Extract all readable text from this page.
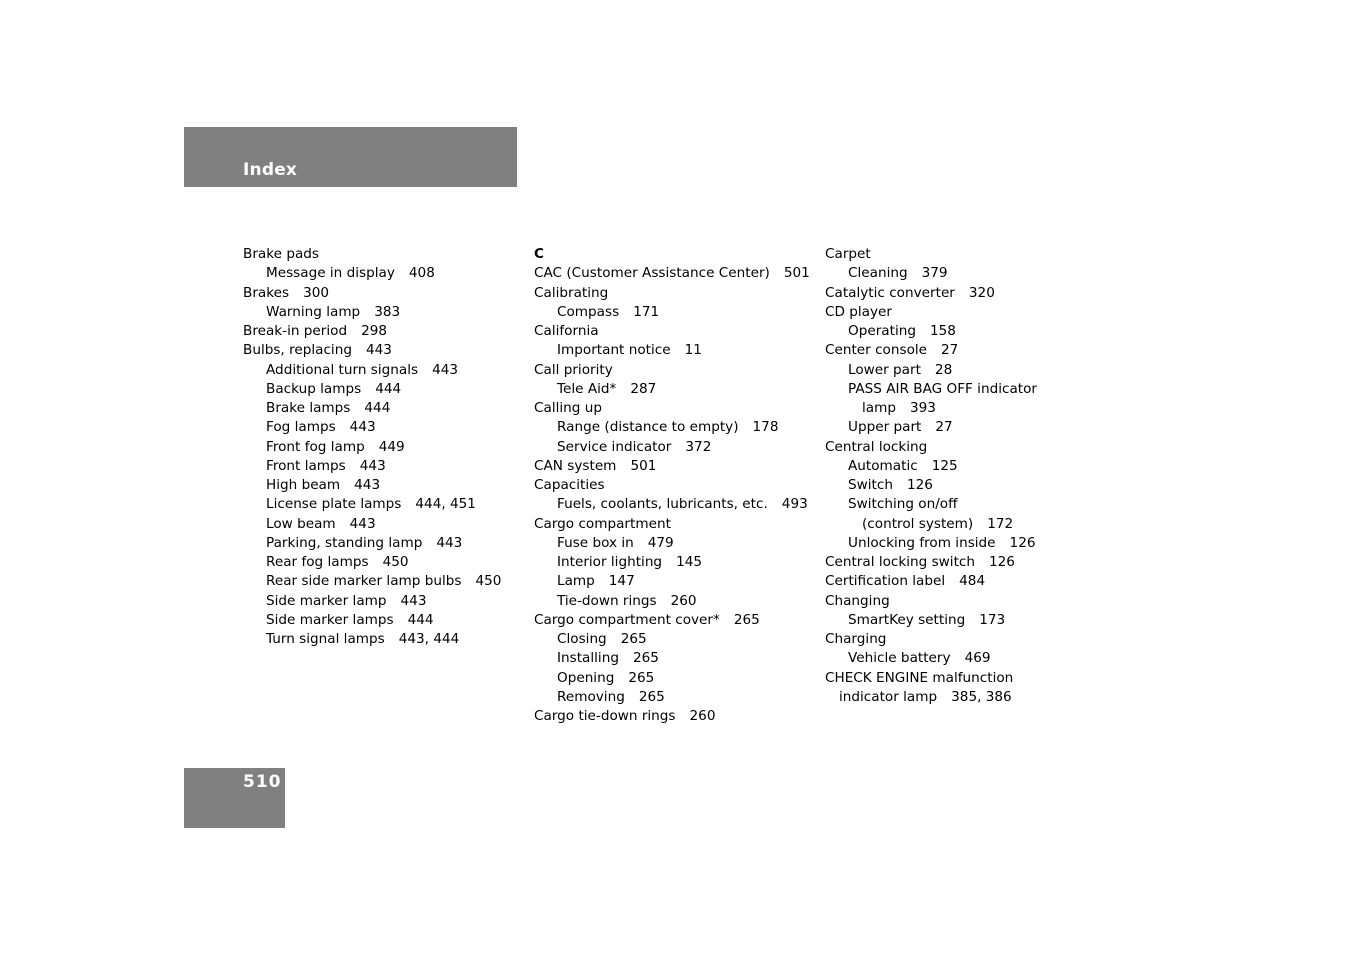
Index
Brake pads
Message in display 408
Brakes 300
Warning lamp 383
Break-in period 298
Bulbs, replacing 443
Additional turn signals 443
Backup lamps 444
Brake lamps 444
Fog lamps 443
Front fog lamp 449
Front lamps 443
High beam 443
License plate lamps 444, 451
Low beam 443
Parking, standing lamp 443
Rear fog lamps 450
Rear side marker lamp bulbs 450
Side marker lamp 443
Side marker lamps 444
Turn signal lamps 443, 444
C
CAC (Customer Assistance Center) 501
Calibrating
Compass 171
California
Important notice 11
Call priority
Tele Aid* 287
Calling up
Range (distance to empty) 178
Service indicator 372
CAN system 501
Capacities
Fuels, coolants, lubricants, etc. 493
Cargo compartment
Fuse box in 479
Interior lighting 145
Lamp 147
Tie-down rings 260
Cargo compartment cover* 265
Closing 265
Installing 265
Opening 265
Removing 265
Cargo tie-down rings 260
Carpet
Cleaning 379
Catalytic converter 320
CD player
Operating 158
Center console 27
Lower part 28
PASS AIR BAG OFF indicator
lamp 393
Upper part 27
Central locking
Automatic 125
Switch 126
Switching on/off
(control system) 172
Unlocking from inside 126
Central locking switch 126
Certification label 484
Changing
SmartKey setting 173
Charging
Vehicle battery 469
CHECK ENGINE malfunction
indicator lamp 385, 386
510
